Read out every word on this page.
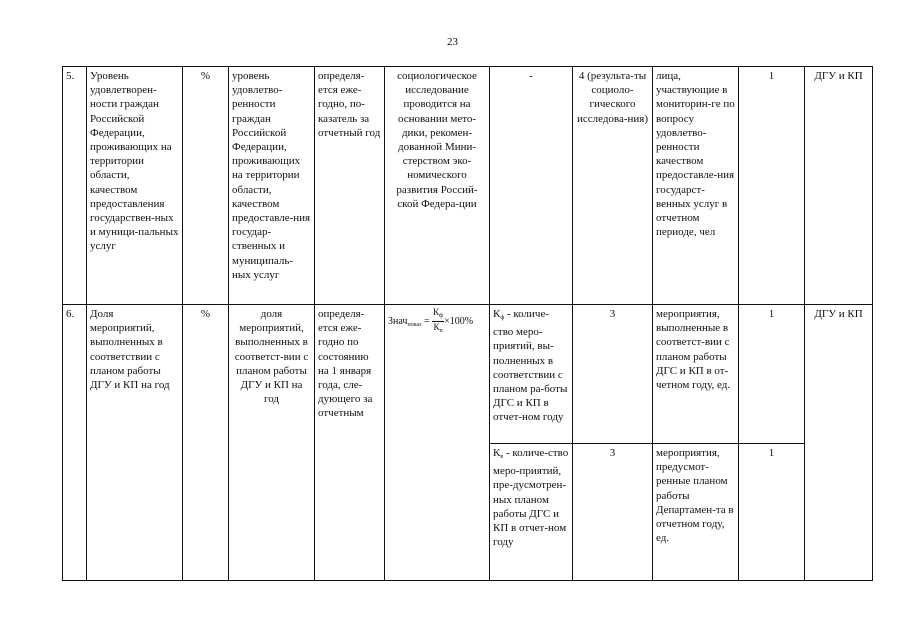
23
5.	Уровень удовлетворен-ности граждан Российской Федерации, проживающих на территории области, качеством предоставления государствен-ных и муници-пальных услуг	%	уровень удовлетво-ренности граждан Российской Федерации, проживающих на территории области, качеством предоставле-ния государ-ственных и муниципаль-ных услуг	определя-ется еже-годно, по-казатель за отчетный год	социологическое исследование проводится на основании мето-дики, рекомен-дованной Мини-стерством эко-номического развития Россий-ской Федера-ции	-	4 (результа-ты социоло-гического исследова-ния)	лица, участвующие в мониторин-ге по вопросу удовлетво-ренности качеством предоставле-ния государст-венных услуг в отчетном периоде, чел	1	ДГУ и КП
6.	Доля мероприятий, выполненных в соответствии с планом работы ДГУ и КП на год	%	доля мероприятий, выполненных в соответст-вии с планом работы ДГУ и КП на год	определя-ется еже-годно по состоянию на 1 января года, сле-дующего за отчетным	Знач$_{показ}$ = $\frac{К_ф}{К_п} \times 100\%$	$К_ф$ - количе-ство меро-приятий, вы-полненных в соответствии с планом ра-боты ДГС и КП в отчет-ном году	3	мероприятия, выполненные в соответст-вии с планом работы ДГС и КП в от-четном году, ед.	1	ДГУ и КП
						$К_в$ - количе-ство меро-приятий, пре-дусмотрен-ных планом работы ДГС и КП в отчет-ном году	3	мероприятия, предусмот-ренные планом работы Департамен-та в отчетном году, ед.	1	
